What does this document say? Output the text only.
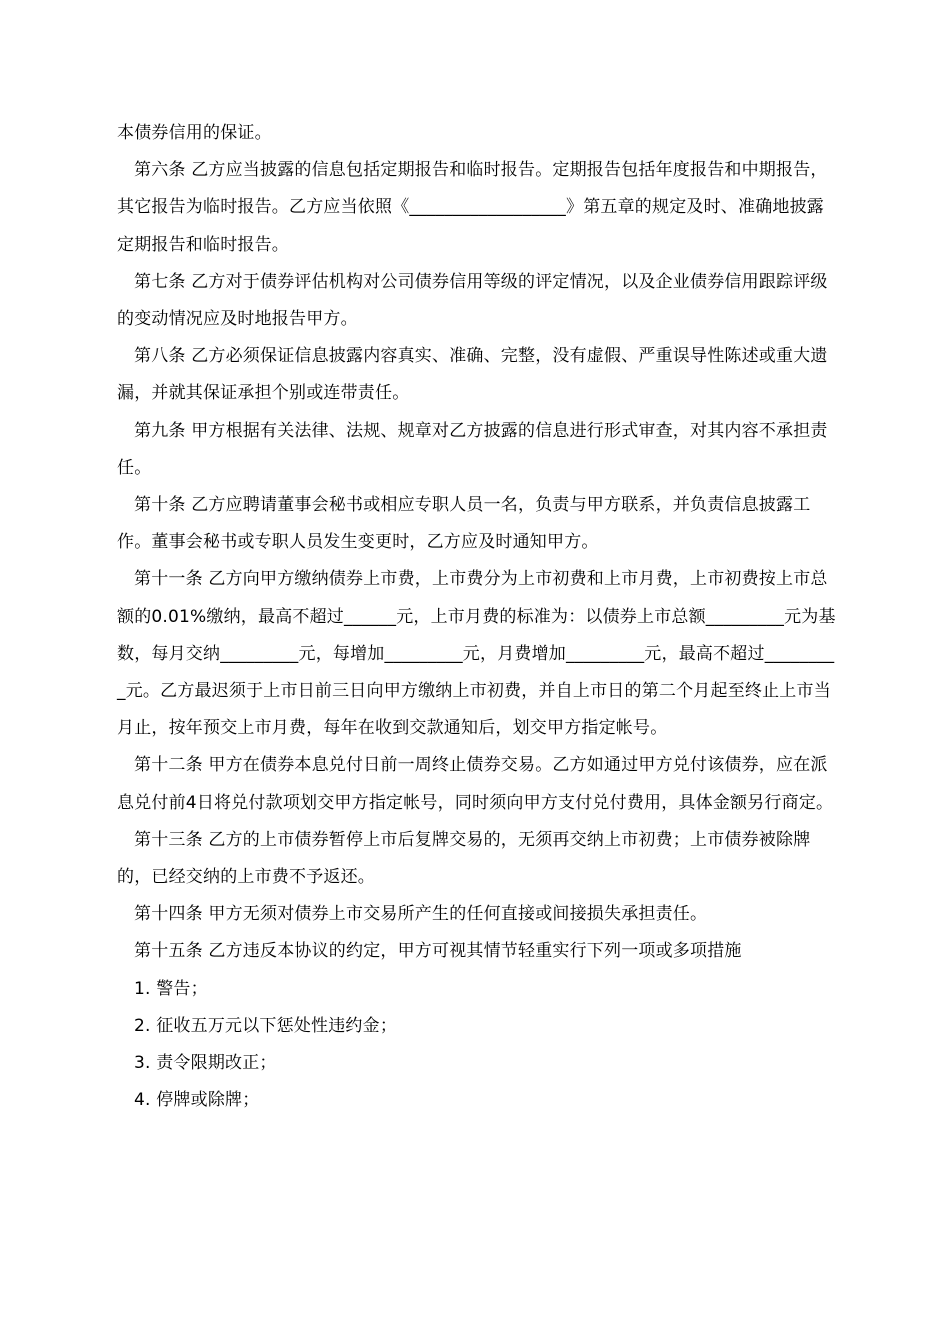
本债券信用的保证。

第六条 乙方应当披露的信息包括定期报告和临时报告。定期报告包括年度报告和中期报告，其它报告为临时报告。乙方应当依照《__________________》第五章的规定及时、准确地披露定期报告和临时报告。

第七条 乙方对于债券评估机构对公司债券信用等级的评定情况，以及企业债券信用跟踪评级的变动情况应及时地报告甲方。

第八条 乙方必须保证信息披露内容真实、准确、完整，没有虚假、严重误导性陈述或重大遗漏，并就其保证承担个别或连带责任。

第九条 甲方根据有关法律、法规、规章对乙方披露的信息进行形式审查，对其内容不承担责任。

第十条 乙方应聘请董事会秘书或相应专职人员一名，负责与甲方联系，并负责信息披露工作。董事会秘书或专职人员发生变更时，乙方应及时通知甲方。

第十一条 乙方向甲方缴纳债券上市费，上市费分为上市初费和上市月费，上市初费按上市总额的0.01%缴纳，最高不超过______元，上市月费的标准为：以债券上市总额_________元为基数，每月交纳_________元，每增加_________元，月费增加_________元，最高不超过_________元。乙方最迟须于上市日前三日向甲方缴纳上市初费，并自上市日的第二个月起至终止上市当月止，按年预交上市月费，每年在收到交款通知后，划交甲方指定帐号。

第十二条 甲方在债券本息兑付日前一周终止债券交易。乙方如通过甲方兑付该债券，应在派息兑付前4日将兑付款项划交甲方指定帐号，同时须向甲方支付兑付费用，具体金额另行商定。

第十三条 乙方的上市债券暂停上市后复牌交易的，无须再交纳上市初费；上市债券被除牌的，已经交纳的上市费不予返还。

第十四条 甲方无须对债券上市交易所产生的任何直接或间接损失承担责任。

第十五条 乙方违反本协议的约定，甲方可视其情节轻重实行下列一项或多项措施

1. 警告；

2. 征收五万元以下惩处性违约金；

3. 责令限期改正；

4. 停牌或除牌；
